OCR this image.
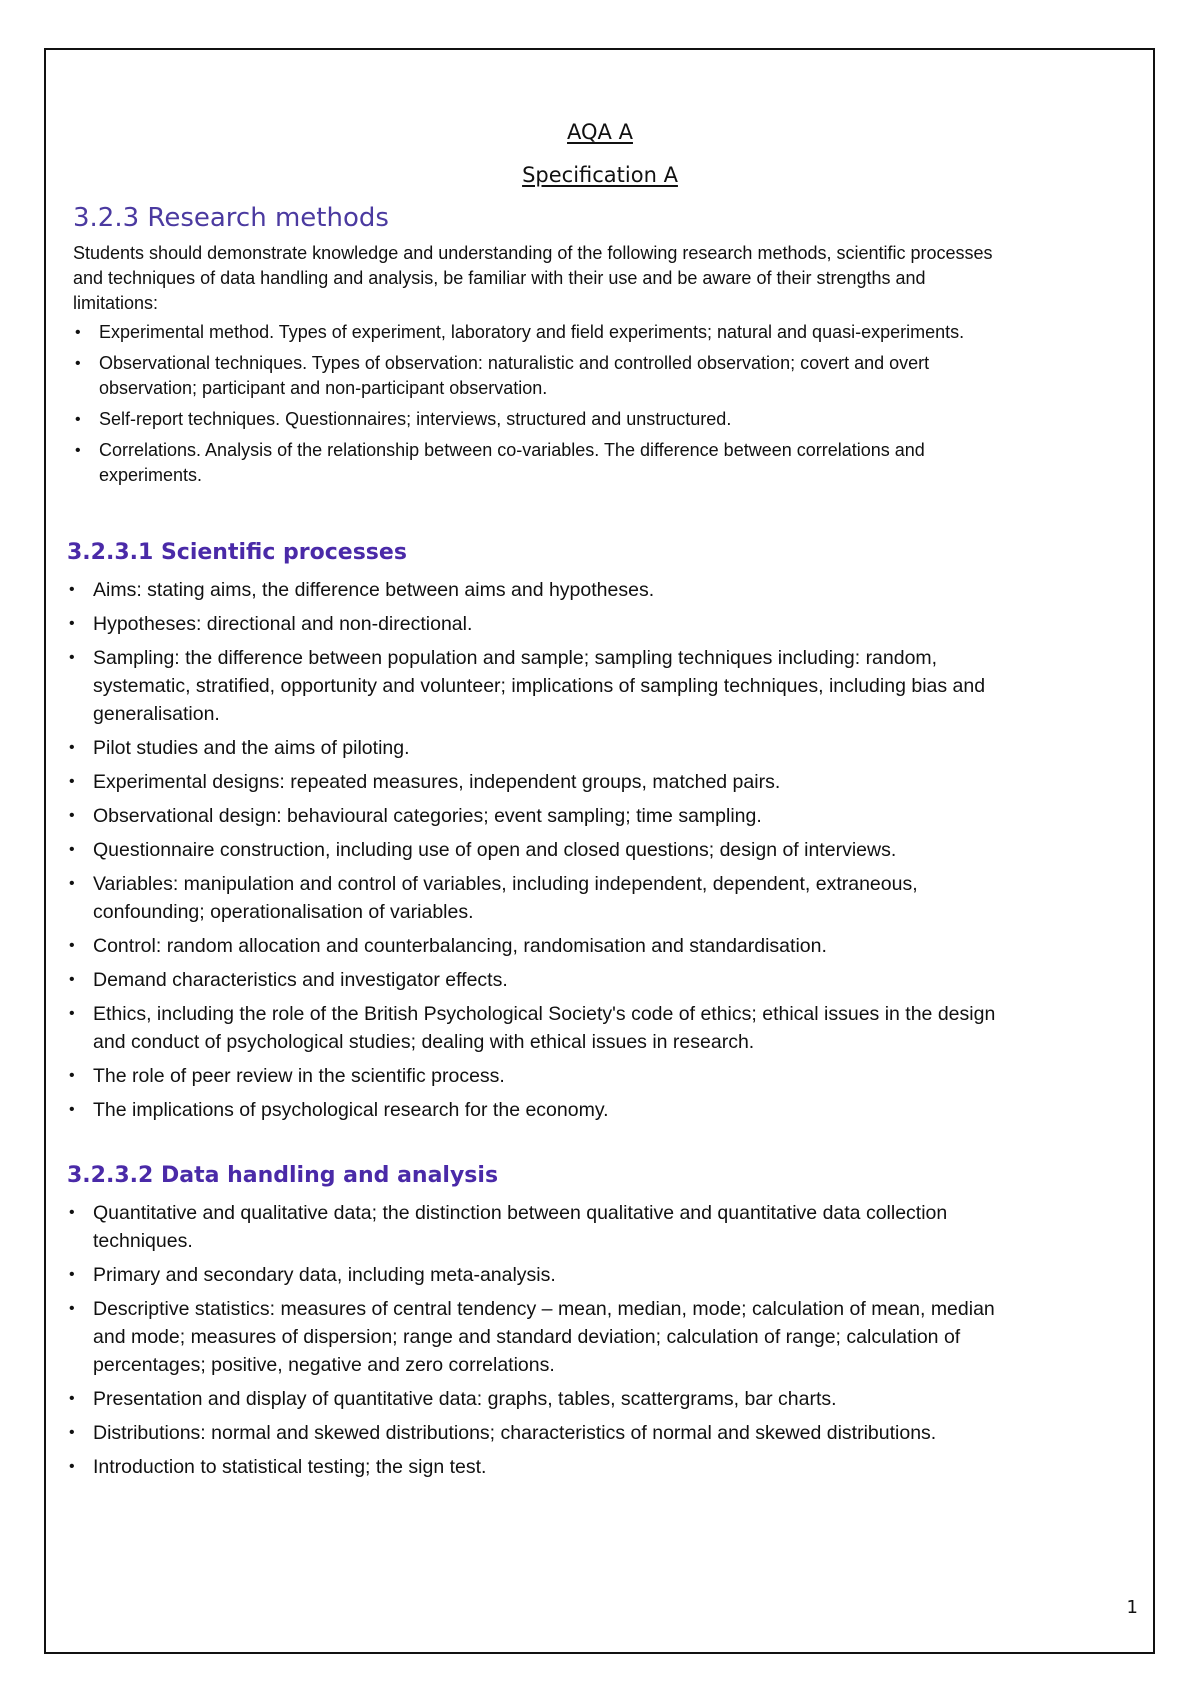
AQA A
Specification A
3.2.3 Research methods

Students should demonstrate knowledge and understanding of the following research methods, scientific processes and techniques of data handling and analysis, be familiar with their use and be aware of their strengths and limitations:

• Experimental method. Types of experiment, laboratory and field experiments; natural and quasi-experiments.
• Observational techniques. Types of observation: naturalistic and controlled observation; covert and overt observation; participant and non-participant observation.
• Self-report techniques. Questionnaires; interviews, structured and unstructured.
• Correlations. Analysis of the relationship between co-variables. The difference between correlations and experiments.
3.2.3.1 Scientific processes
• Aims: stating aims, the difference between aims and hypotheses.
• Hypotheses: directional and non-directional.
• Sampling: the difference between population and sample; sampling techniques including: random, systematic, stratified, opportunity and volunteer; implications of sampling techniques, including bias and generalisation.
• Pilot studies and the aims of piloting.
• Experimental designs: repeated measures, independent groups, matched pairs.
• Observational design: behavioural categories; event sampling; time sampling.
• Questionnaire construction, including use of open and closed questions; design of interviews.
• Variables: manipulation and control of variables, including independent, dependent, extraneous, confounding; operationalisation of variables.
• Control: random allocation and counterbalancing, randomisation and standardisation.
• Demand characteristics and investigator effects.
• Ethics, including the role of the British Psychological Society's code of ethics; ethical issues in the design and conduct of psychological studies; dealing with ethical issues in research.
• The role of peer review in the scientific process.
• The implications of psychological research for the economy.
3.2.3.2 Data handling and analysis
• Quantitative and qualitative data; the distinction between qualitative and quantitative data collection techniques.
• Primary and secondary data, including meta-analysis.
• Descriptive statistics: measures of central tendency – mean, median, mode; calculation of mean, median and mode; measures of dispersion; range and standard deviation; calculation of range; calculation of percentages; positive, negative and zero correlations.
• Presentation and display of quantitative data: graphs, tables, scattergrams, bar charts.
• Distributions: normal and skewed distributions; characteristics of normal and skewed distributions.
• Introduction to statistical testing; the sign test.
1
